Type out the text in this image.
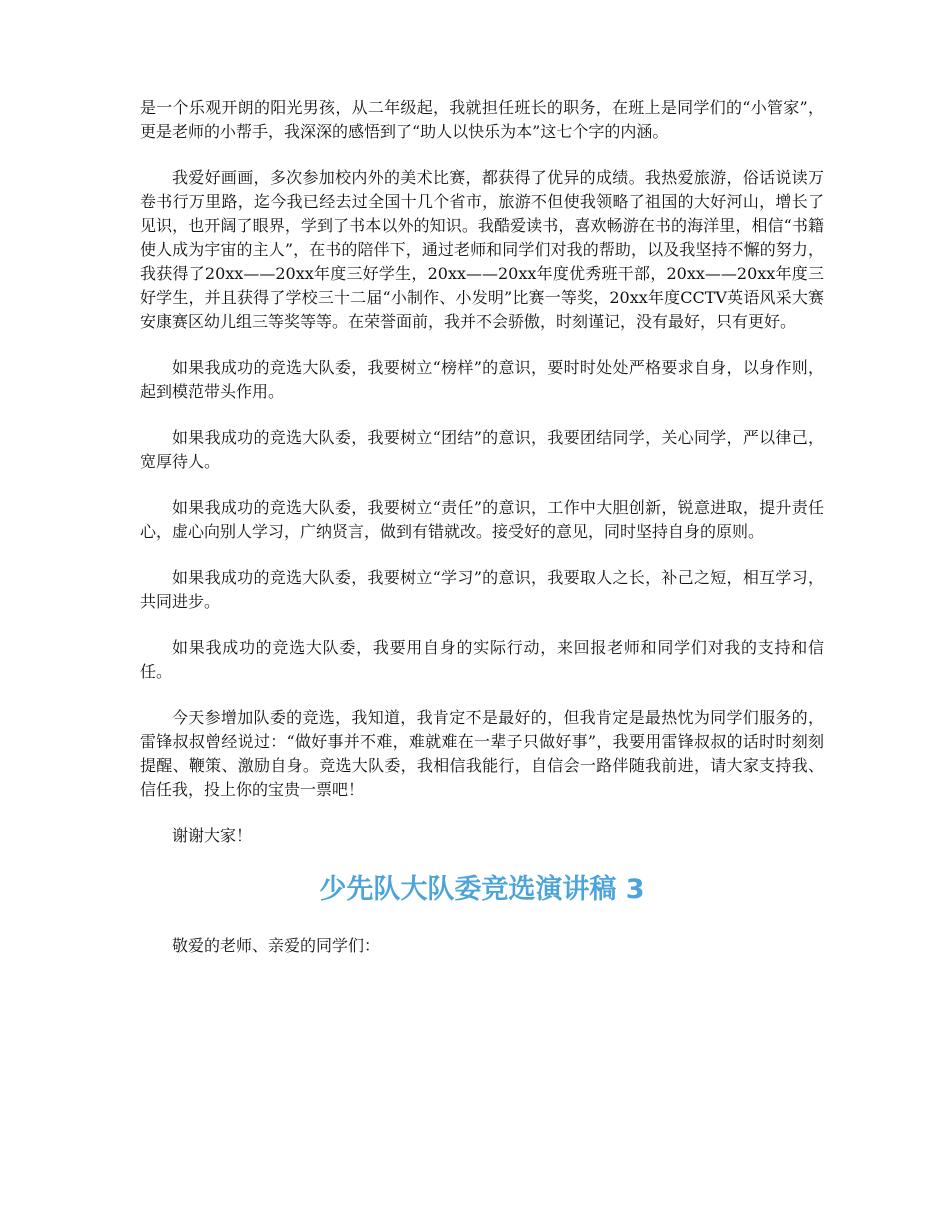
是一个乐观开朗的阳光男孩，从二年级起，我就担任班长的职务，在班上是同学们的“小管家”，更是老师的小帮手，我深深的感悟到了“助人以快乐为本”这七个字的内涵。

我爱好画画，多次参加校内外的美术比赛，都获得了优异的成绩。我热爱旅游，俗话说读万卷书行万里路，迄今我已经去过全国十几个省市，旅游不但使我领略了祖国的大好河山，增长了见识，也开阔了眼界，学到了书本以外的知识。我酷爱读书，喜欢畅游在书的海洋里，相信“书籍使人成为宇宙的主人”，在书的陪伴下，通过老师和同学们对我的帮助，以及我坚持不懈的努力，我获得了20xx——20xx年度三好学生，20xx——20xx年度优秀班干部，20xx——20xx年度三好学生，并且获得了学校三十二届“小制作、小发明”比赛一等奖，20xx年度CCTV英语风采大赛安康赛区幼儿组三等奖等等。在荣誉面前，我并不会骄傲，时刻谨记，没有最好，只有更好。

如果我成功的竞选大队委，我要树立“榜样”的意识，要时时处处严格要求自身，以身作则，起到模范带头作用。

如果我成功的竞选大队委，我要树立“团结”的意识，我要团结同学，关心同学，严以律己，宽厚待人。

如果我成功的竞选大队委，我要树立“责任”的意识，工作中大胆创新，锐意进取，提升责任心，虚心向别人学习，广纳贤言，做到有错就改。接受好的意见，同时坚持自身的原则。

如果我成功的竞选大队委，我要树立“学习”的意识，我要取人之长，补己之短，相互学习，共同进步。

如果我成功的竞选大队委，我要用自身的实际行动，来回报老师和同学们对我的支持和信任。

今天参增加队委的竞选，我知道，我肯定不是最好的，但我肯定是最热忱为同学们服务的，雷锋叔叔曾经说过：“做好事并不难，难就难在一辈子只做好事”，我要用雷锋叔叔的话时时刻刻提醒、鞭策、激励自身。竞选大队委，我相信我能行，自信会一路伴随我前进，请大家支持我、信任我，投上你的宝贵一票吧！

谢谢大家！

少先队大队委竞选演讲稿 3

敬爱的老师、亲爱的同学们：
